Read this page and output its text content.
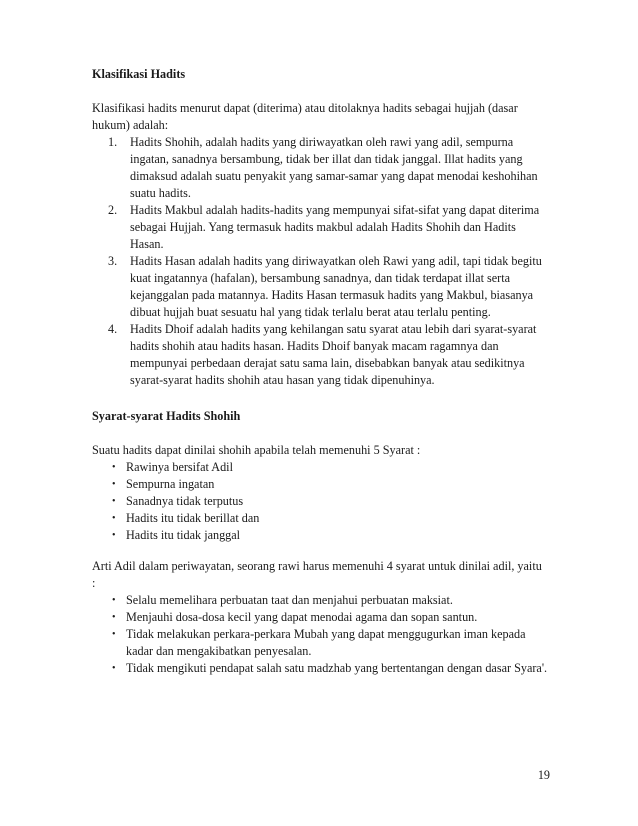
Klasifikasi Hadits

Klasifikasi hadits menurut dapat (diterima) atau ditolaknya hadits sebagai hujjah (dasar hukum) adalah:

1. Hadits Shohih, adalah hadits yang diriwayatkan oleh rawi yang adil, sempurna ingatan, sanadnya bersambung, tidak ber illat dan tidak janggal. Illat hadits yang dimaksud adalah suatu penyakit yang samar-samar yang dapat menodai keshohihan suatu hadits.
2. Hadits Makbul adalah hadits-hadits yang mempunyai sifat-sifat yang dapat diterima sebagai Hujjah. Yang termasuk hadits makbul adalah Hadits Shohih dan Hadits Hasan.
3. Hadits Hasan adalah hadits yang diriwayatkan oleh Rawi yang adil, tapi tidak begitu kuat ingatannya (hafalan), bersambung sanadnya, dan tidak terdapat illat serta kejanggalan pada matannya. Hadits Hasan termasuk hadits yang Makbul, biasanya dibuat hujjah buat sesuatu hal yang tidak terlalu berat atau terlalu penting.
4. Hadits Dhoif adalah hadits yang kehilangan satu syarat atau lebih dari syarat-syarat hadits shohih atau hadits hasan. Hadits Dhoif banyak macam ragamnya dan mempunyai perbedaan derajat satu sama lain, disebabkan banyak atau sedikitnya syarat-syarat hadits shohih atau hasan yang tidak dipenuhinya.
Syarat-syarat Hadits Shohih

Suatu hadits dapat dinilai shohih apabila telah memenuhi 5 Syarat :

• Rawinya bersifat Adil
• Sempurna ingatan
• Sanadnya tidak terputus
• Hadits itu tidak berillat dan
• Hadits itu tidak janggal

Arti Adil dalam periwayatan, seorang rawi harus memenuhi 4 syarat untuk dinilai adil, yaitu :

• Selalu memelihara perbuatan taat dan menjahui perbuatan maksiat.
• Menjauhi dosa-dosa kecil yang dapat menodai agama dan sopan santun.
• Tidak melakukan perkara-perkara Mubah yang dapat menggugurkan iman kepada kadar dan mengakibatkan penyesalan.
• Tidak mengikuti pendapat salah satu madzhab yang bertentangan dengan dasar Syara'.
19
